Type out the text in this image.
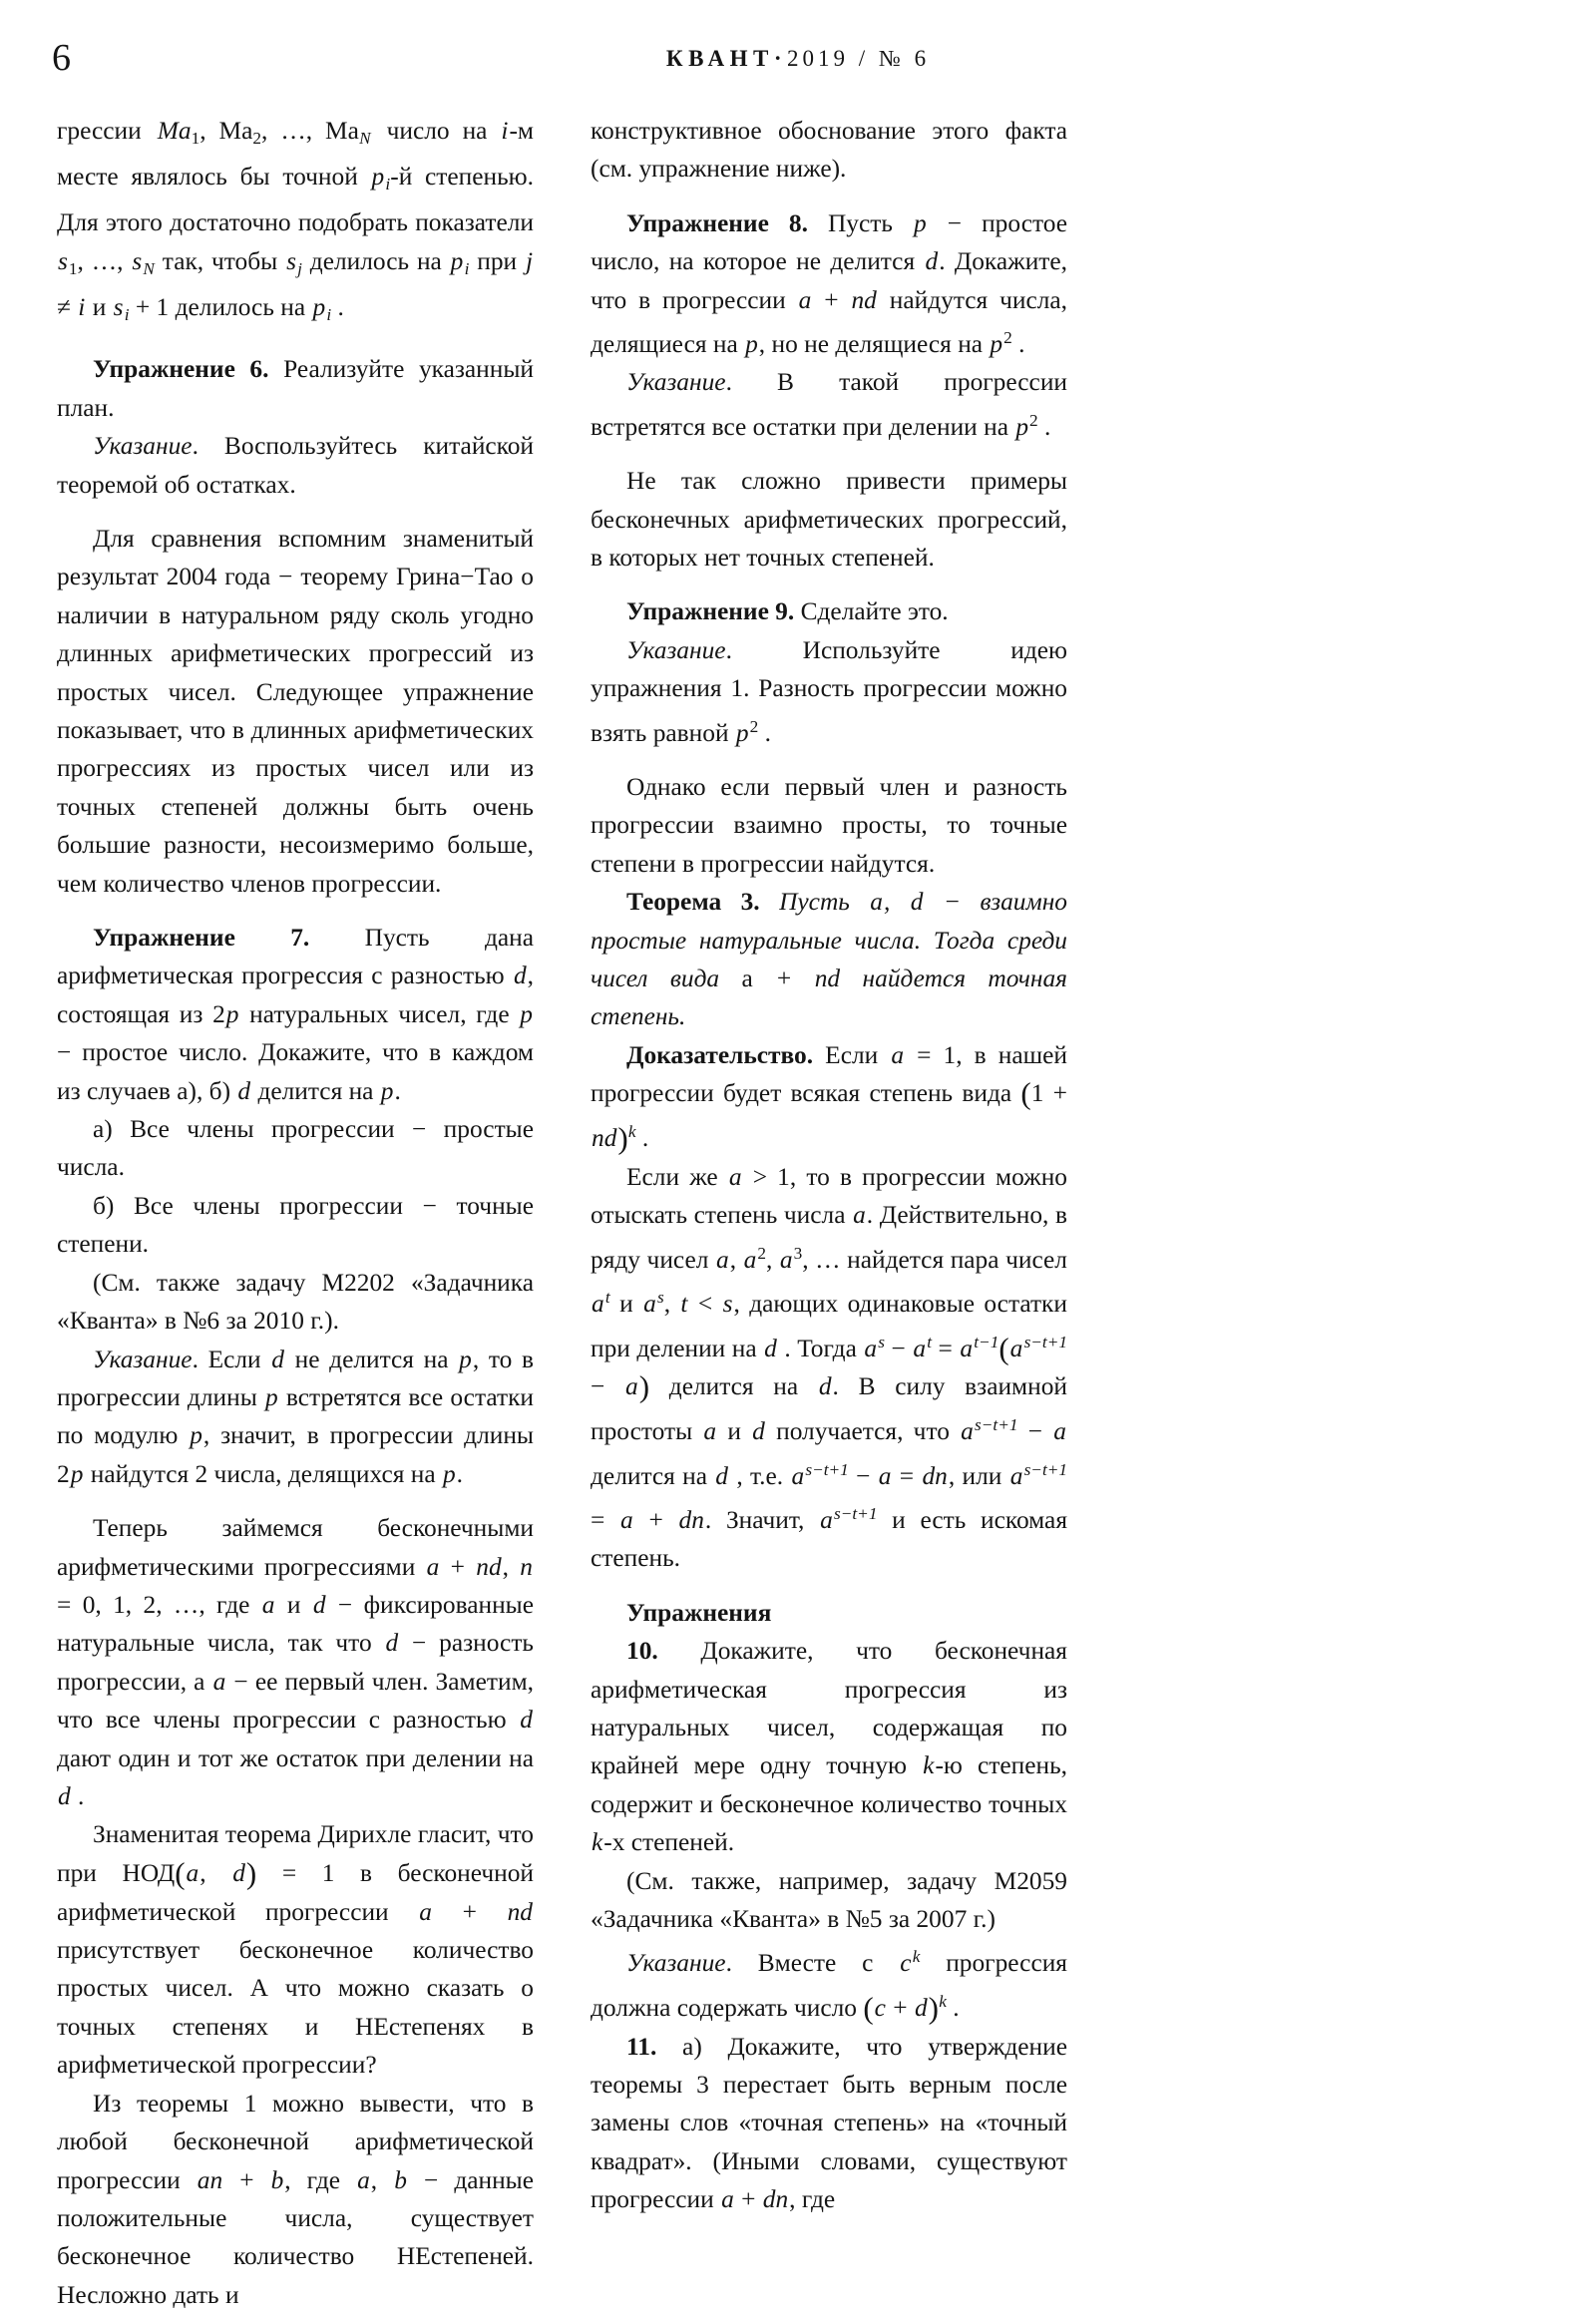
6	КВАНТ·2019 / № 6

грессии Ma1, Ma2, …, $Ma_N$ число на i-м месте являлось бы точной $p_i-й$ степенью. Для этого достаточно подобрать показатели s1, …, $s_N$ так, чтобы $s_j$ делилось на $p_i$ при j ≠ i и $s_i + 1$ делилось на $p_i$ .

Упражнение 6. Реализуйте указанный план.

Указание. Воспользуйтесь китайской теоремой об остатках.

Для сравнения вспомним знаменитый результат 2004 года − теорему Грина−Тао о наличии в натуральном ряду сколь угодно длинных арифметических прогрессий из простых чисел. Следующее упражнение показывает, что в длинных арифметических прогрессиях из простых чисел или из точных степеней должны быть очень большие разности, несоизмеримо больше, чем количество членов прогрессии.

Упражнение 7. Пусть дана арифметическая прогрессия с разностью d, состоящая из 2p натуральных чисел, где p − простое число. Докажите, что в каждом из случаев а), б) d делится на p.

а) Все члены прогрессии − простые числа.

б) Все члены прогрессии − точные степени.

(См. также задачу М2202 «Задачника «Кванта» в №6 за 2010 г.).

Указание. Если d не делится на p, то в прогрессии длины p встретятся все остатки по модулю p, значит, в прогрессии длины 2p найдутся 2 числа, делящихся на p.

Теперь займемся бесконечными арифметическими прогрессиями a + nd, n = 0, 1, 2, …, где a и d − фиксированные натуральные числа, так что d − разность прогрессии, а a − ее первый член. Заметим, что все члены прогрессии с разностью d дают один и тот же остаток при делении на d .

Знаменитая теорема Дирихле гласит, что при НОД(a, d) = 1 в бесконечной арифметической прогрессии a + nd присутствует бесконечное количество простых чисел. А что можно сказать о точных степенях и НЕстепенях в арифметической прогрессии?

Из теоремы 1 можно вывести, что в любой бесконечной арифметической прогрессии an + b, где a, b − данные положительные числа, существует бесконечное количество НЕстепеней. Несложно дать и

конструктивное обоснование этого факта (см. упражнение ниже).

Упражнение 8. Пусть p − простое число, на которое не делится d. Докажите, что в прогрессии a + nd найдутся числа, делящиеся на p, но не делящиеся на $p^2$ .

Указание. В такой прогрессии встретятся все остатки при делении на $p^2$ .

Не так сложно привести примеры бесконечных арифметических прогрессий, в которых нет точных степеней.

Упражнение 9. Сделайте это.

Указание. Используйте идею упражнения 1. Разность прогрессии можно взять равной $p^2$ .

Однако если первый член и разность прогрессии взаимно просты, то точные степени в прогрессии найдутся.

Теорема 3. Пусть a, d − взаимно простые натуральные числа. Тогда среди чисел вида a + nd найдется точная степень.

Доказательство. Если a = 1, в нашей прогрессии будет всякая степень вида (1 + nd)$^k$ .

Если же a > 1, то в прогрессии можно отыскать степень числа a. Действительно, в ряду чисел a, $a^2$, $a^3$, … найдется пара чисел $a^t$ и $a^s$, t < s, дающих одинаковые остатки при делении на d . Тогда $a^s - a^t = a^{t-1}(a^{s-t+1} - a)$ делится на d. В силу взаимной простоты a и d получается, что $a^{s-t+1} - a$ делится на d , т.е. $a^{s-t+1} - a$ = dn, или $a^{s-t+1} = a$ + dn. Значит, $a^{s-t+1}$ и есть искомая степень.

Упражнения

10. Докажите, что бесконечная арифметическая прогрессия из натуральных чисел, содержащая по крайней мере одну точную k-ю степень, содержит и бесконечное количество точных k-х степеней.

(См. также, например, задачу М2059 «Задачника «Кванта» в №5 за 2007 г.)

Указание. Вместе с $c^k$ прогрессия должна содержать число $(c + d)^k$ .

11. а) Докажите, что утверждение теоремы 3 перестает быть верным после замены слов «точная степень» на «точный квадрат». (Иными словами, существуют прогрессии a + dn, где
